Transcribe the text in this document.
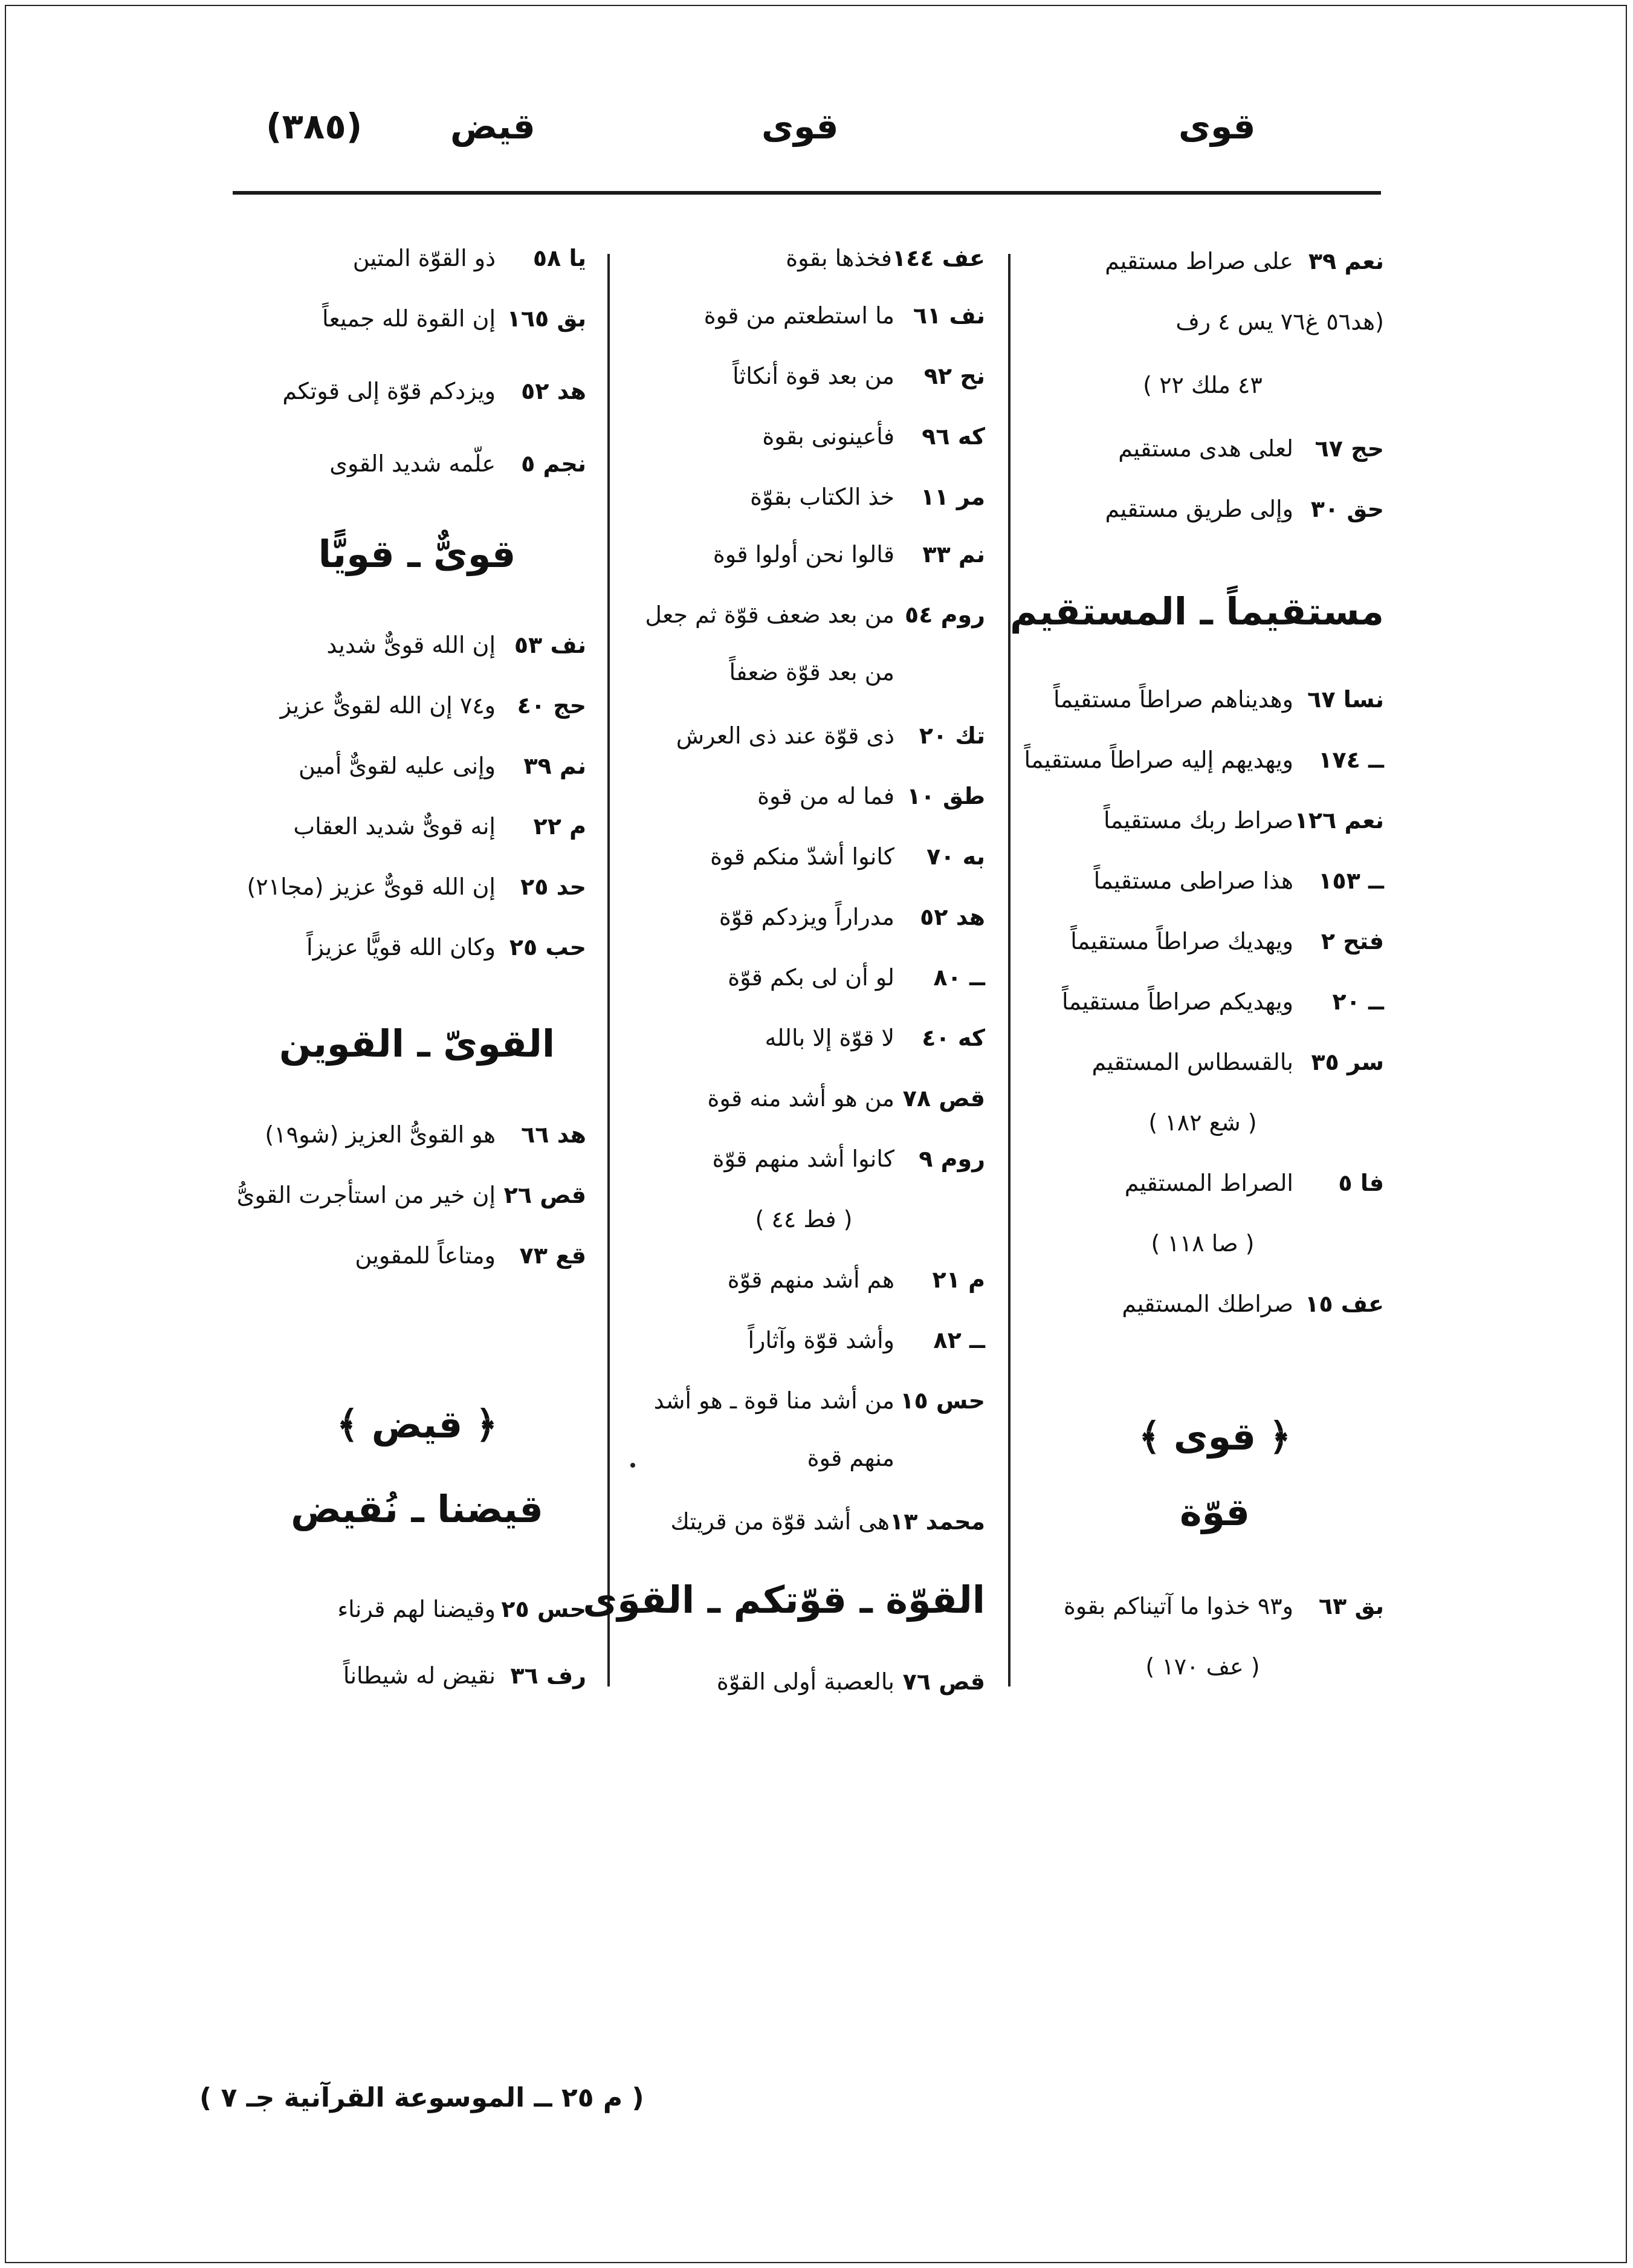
قوى
قوى
قيض
(٣٨٥)
نعم ٣٩على صراط مستقيم
(هد٥٦ غ٧٦ يس ٤ رف
٤٣ ملك ٢٢ )
حج ٦٧لعلى هدى مستقيم
حق ٣٠وإلى طريق مستقيم
مستقيماً ـ المستقيم
نسا ٦٧وهديناهم صراطاً مستقيماً
ــ ١٧٤ويهديهم إليه صراطاً مستقيماً
نعم ١٢٦صراط ربك مستقيماً
ــ ١٥٣هذا صراطى مستقيماً
فتح ٢ويهديك صراطاً مستقيماً
ــ ٢٠ويهديكم صراطاً مستقيماً
سر ٣٥بالقسطاس المستقيم
( شع ١٨٢ )
فا ٥الصراط المستقيم
( صا ١١٨ )
عف ١٥صراطك المستقيم
﴿ قوى ﴾
قوّة
بق ٦٣و٩٣ خذوا ما آتيناكم بقوة
( عف ١٧٠ )
عف ١٤٤فخذها بقوة
نف ٦١ما استطعتم من قوة
نح ٩٢من بعد قوة أنكاثاً
كه ٩٦فأعينونى بقوة
مر ١١خذ الكتاب بقوّة
نم ٣٣قالوا نحن أولوا قوة
روم ٥٤من بعد ضعف قوّة ثم جعل
من بعد قوّة ضعفاً
تك ٢٠ذى قوّة عند ذى العرش
طق ١٠فما له من قوة
به ٧٠كانوا أشدّ منكم قوة
هد ٥٢مدراراً ويزدكم قوّة
ــ ٨٠لو أن لى بكم قوّة
كه ٤٠لا قوّة إلا بالله
قص ٧٨من هو أشد منه قوة
روم ٩كانوا أشد منهم قوّة
( فط ٤٤ )
م ٢١هم أشد منهم قوّة
ــ ٨٢وأشد قوّة وآثاراً
حس ١٥من أشد منا قوة ـ هو أشد
منهم قوة
محمد ١٣هى أشد قوّة من قريتك
القوّة ـ قوّتكم ـ القوَى
قص ٧٦بالعصبة أولى القوّة
يا ٥٨ذو القوّة المتين
بق ١٦٥إن القوة لله جميعاً
هد ٥٢ويزدكم قوّة إلى قوتكم
نجم ٥علّمه شديد القوى
قوىٌّ ـ قويًّا
نف ٥٣إن الله قوىٌّ شديد
حج ٤٠و٧٤ إن الله لقوىٌّ عزيز
نم ٣٩وإنى عليه لقوىٌّ أمين
م ٢٢إنه قوىٌّ شديد العقاب
حد ٢٥إن الله قوىٌّ عزيز (مجا٢١)
حب ٢٥وكان الله قويًّا عزيزاً
القوىّ ـ القوين
هد ٦٦هو القوىُّ العزيز (شو١٩)
قص ٢٦إن خير من استأجرت القوىُّ
قع ٧٣ومتاعاً للمقوين
﴿ قيض ﴾
قيضنا ـ نُقيض
حس ٢٥وقيضنا لهم قرناء
رف ٣٦نقيض له شيطاناً
( م ٢٥ ــ الموسوعة القرآنية جـ ٧ )
